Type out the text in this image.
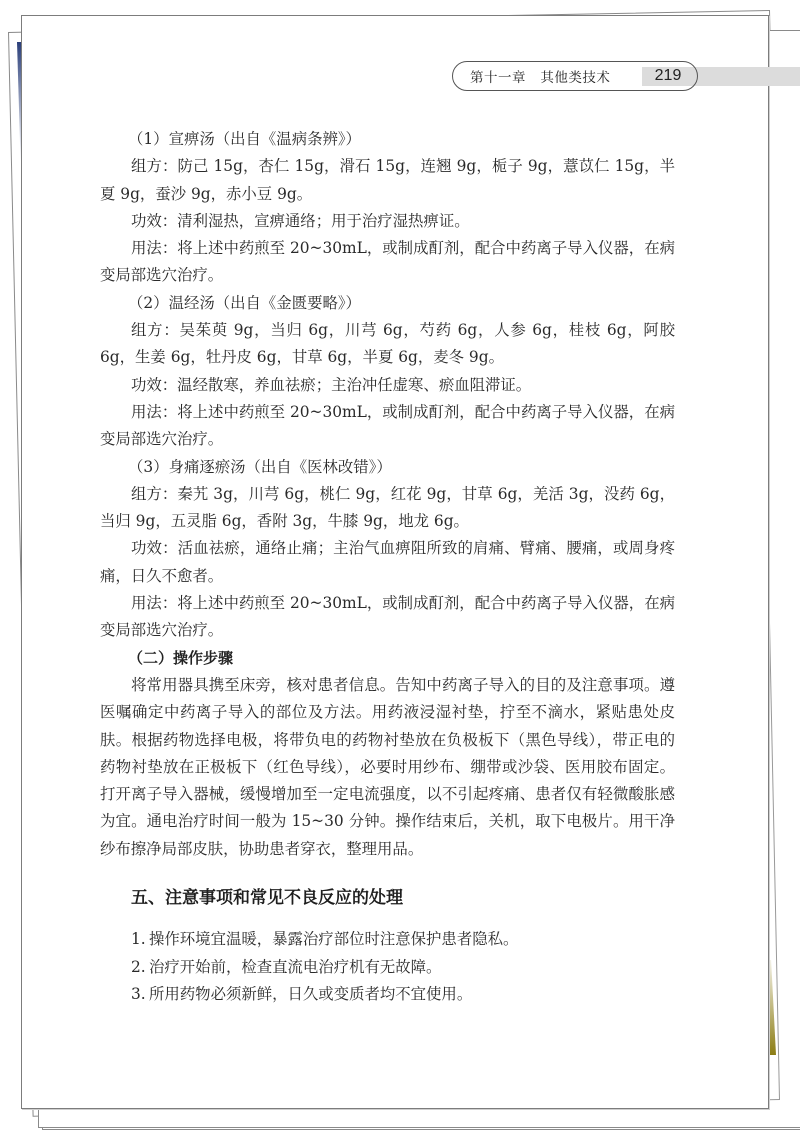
第十一章   其他类技术	219

（1）宣痹汤（出自《温病条辨》）

组方：防己 15g，杏仁 15g，滑石 15g，连翘 9g，栀子 9g，薏苡仁 15g，半夏 9g，蚕沙 9g，赤小豆 9g。

功效：清利湿热，宣痹通络；用于治疗湿热痹证。

用法：将上述中药煎至 20~30mL，或制成酊剂，配合中药离子导入仪器，在病变局部选穴治疗。

（2）温经汤（出自《金匮要略》）

组方：吴茱萸 9g，当归 6g，川芎 6g，芍药 6g，人参 6g，桂枝 6g，阿胶 6g，生姜 6g，牡丹皮 6g，甘草 6g，半夏 6g，麦冬 9g。

功效：温经散寒，养血祛瘀；主治冲任虚寒、瘀血阻滞证。

用法：将上述中药煎至 20~30mL，或制成酊剂，配合中药离子导入仪器，在病变局部选穴治疗。

（3）身痛逐瘀汤（出自《医林改错》）

组方：秦艽 3g，川芎 6g，桃仁 9g，红花 9g，甘草 6g，羌活 3g，没药 6g，当归 9g，五灵脂 6g，香附 3g，牛膝 9g，地龙 6g。

功效：活血祛瘀，通络止痛；主治气血痹阻所致的肩痛、臂痛、腰痛，或周身疼痛，日久不愈者。

用法：将上述中药煎至 20~30mL，或制成酊剂，配合中药离子导入仪器，在病变局部选穴治疗。

（二）操作步骤

将常用器具携至床旁，核对患者信息。告知中药离子导入的目的及注意事项。遵医嘱确定中药离子导入的部位及方法。用药液浸湿衬垫，拧至不滴水，紧贴患处皮肤。根据药物选择电极，将带负电的药物衬垫放在负极板下（黑色导线），带正电的药物衬垫放在正极板下（红色导线），必要时用纱布、绷带或沙袋、医用胶布固定。打开离子导入器械，缓慢增加至一定电流强度，以不引起疼痛、患者仅有轻微酸胀感为宜。通电治疗时间一般为 15~30 分钟。操作结束后，关机，取下电极片。用干净纱布擦净局部皮肤，协助患者穿衣，整理用品。

五、注意事项和常见不良反应的处理

1. 操作环境宜温暖，暴露治疗部位时注意保护患者隐私。

2. 治疗开始前，检查直流电治疗机有无故障。

3. 所用药物必须新鲜，日久或变质者均不宜使用。
